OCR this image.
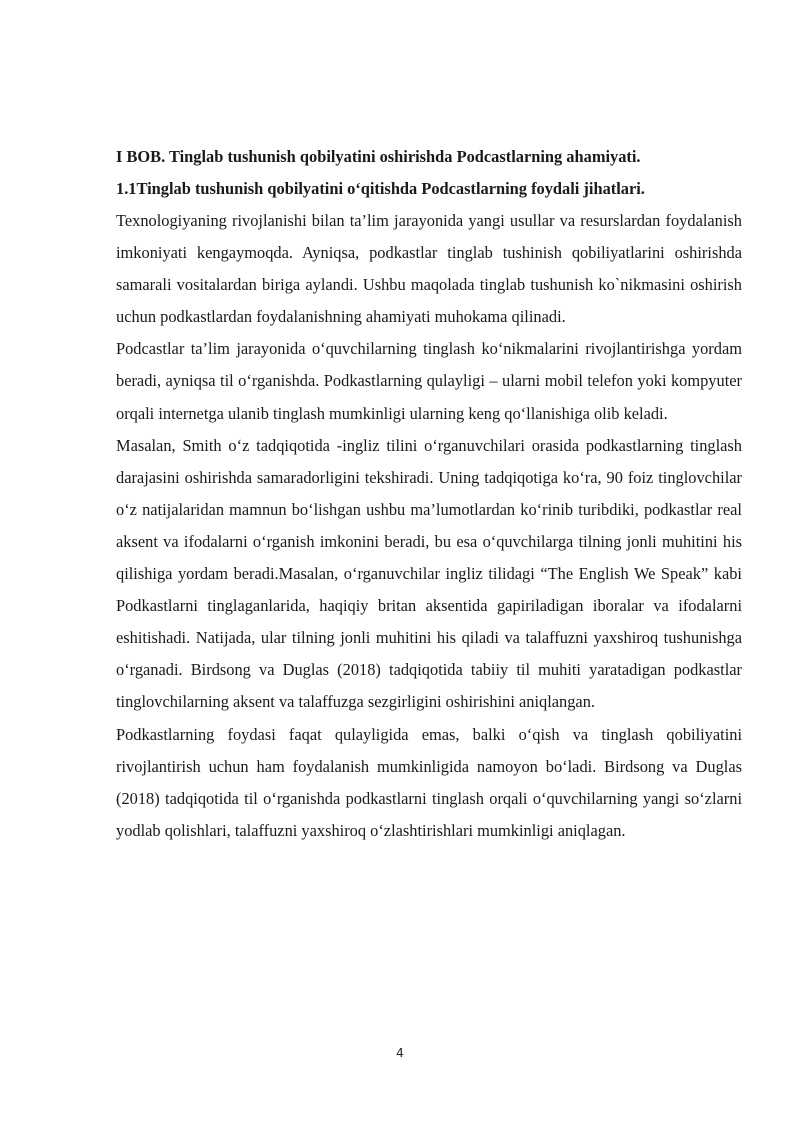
I BOB. Tinglab tushunish qobilyatini oshirishda Podcastlarning ahamiyati.

1.1Tinglab tushunish qobilyatini o‘qitishda Podcastlarning foydali jihatlari.

Texnologiyaning rivojlanishi bilan ta’lim jarayonida yangi usullar va resurslardan foydalanish imkoniyati kengaymoqda. Ayniqsa, podkastlar tinglab tushinish qobiliyatlarini oshirishda samarali vositalardan biriga aylandi. Ushbu maqolada tinglab tushunish ko`nikmasini oshirish uchun podkastlardan foydalanishning ahamiyati muhokama qilinadi.

Podcastlar ta’lim jarayonida o‘quvchilarning tinglash ko‘nikmalarini rivojlantirishga yordam beradi, ayniqsa til o‘rganishda. Podkastlarning qulayligi – ularni mobil telefon yoki kompyuter orqali internetga ulanib tinglash mumkinligi ularning keng qo‘llanishiga olib keladi.

Masalan, Smith o‘z tadqiqotida -ingliz tilini o‘rganuvchilari orasida podkastlarning tinglash darajasini oshirishda samaradorligini tekshiradi. Uning tadqiqotiga ko‘ra, 90 foiz tinglovchilar o‘z natijalaridan mamnun bo‘lishgan ushbu ma’lumotlardan ko‘rinib turibdiki, podkastlar real aksent va ifodalarni o‘rganish imkonini beradi, bu esa o‘quvchilarga tilning jonli muhitini his qilishiga yordam beradi.Masalan, o‘rganuvchilar ingliz tilidagi “The English We Speak” kabi Podkastlarni tinglaganlarida, haqiqiy britan aksentida gapiriladigan iboralar va ifodalarni eshitishadi. Natijada, ular tilning jonli muhitini his qiladi va talaffuzni yaxshiroq tushunishga o‘rganadi. Birdsong va Duglas (2018) tadqiqotida tabiiy til muhiti yaratadigan podkastlar tinglovchilarning aksent va talaffuzga sezgirligini oshirishini aniqlangan.

Podkastlarning foydasi faqat qulayligida emas, balki o‘qish va tinglash qobiliyatini rivojlantirish uchun ham foydalanish mumkinligida namoyon bo‘ladi. Birdsong va Duglas (2018) tadqiqotida til o‘rganishda podkastlarni tinglash orqali o‘quvchilarning yangi so‘zlarni yodlab qolishlari, talaffuzni yaxshiroq o‘zlashtirishlari mumkinligi aniqlagan.

4
